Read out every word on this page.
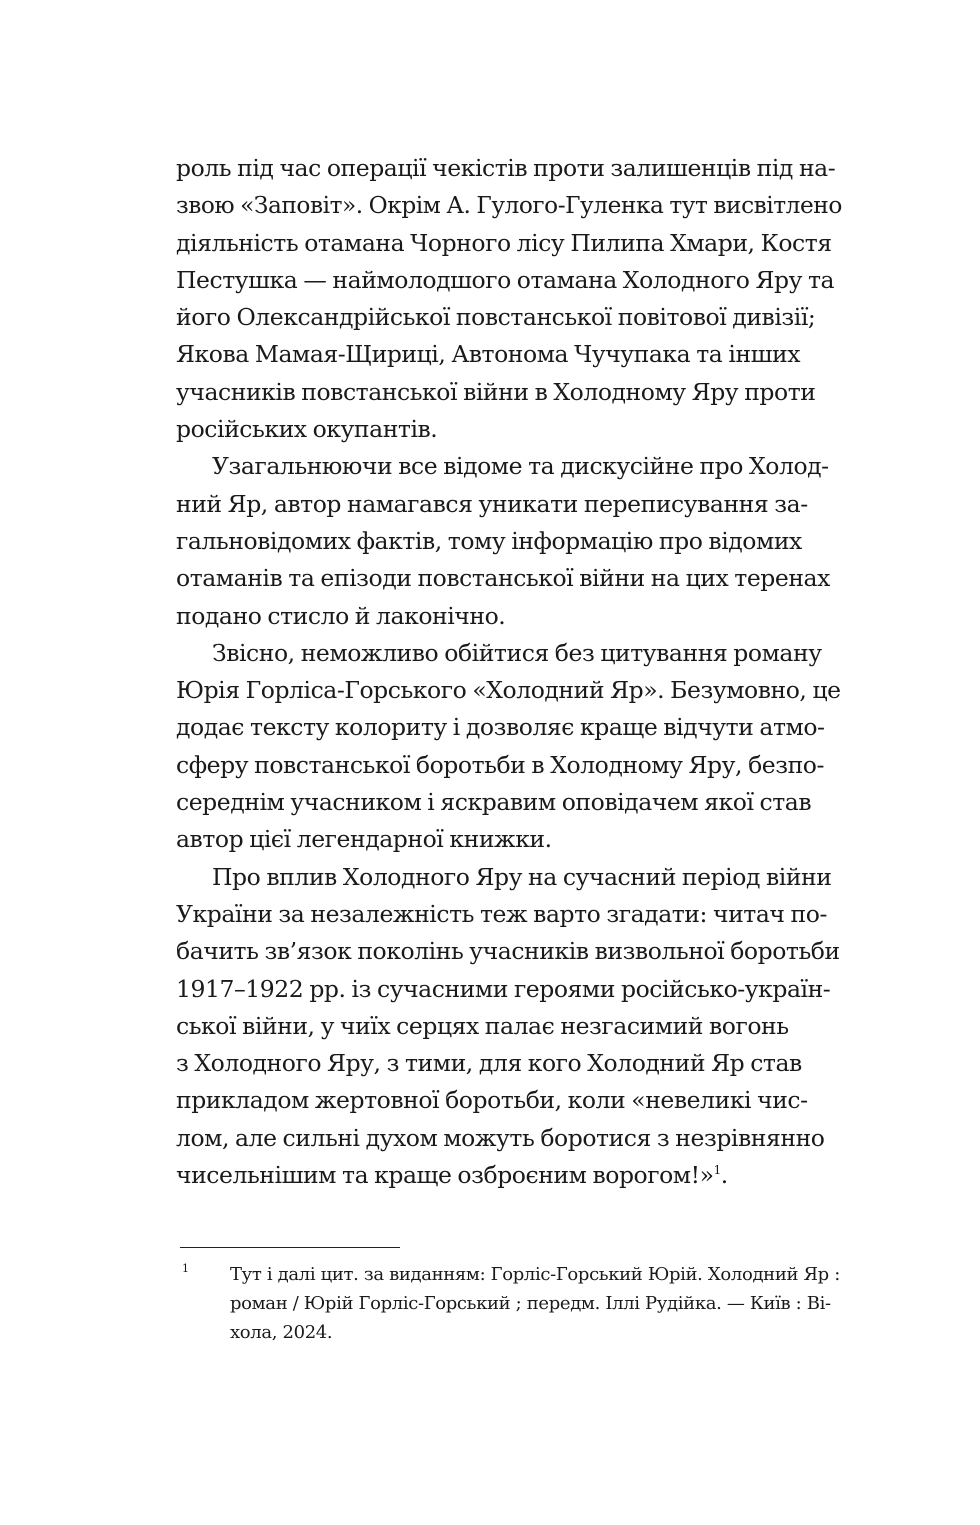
роль під час операції чекістів проти залишенців під на-
звою «Заповіт». Окрім А. Гулого-Гуленка тут висвітлено
діяльність отамана Чорного лісу Пилипа Хмари, Костя
Пестушка — наймолодшого отамана Холодного Яру та
його Олександрійської повстанської повітової дивізії;
Якова Мамая-Щириці, Автонома Чучупака та інших
учасників повстанської війни в Холодному Яру проти
російських окупантів.
Узагальнюючи все відоме та дискусійне про Холод-
ний Яр, автор намагався уникати переписування за-
гальновідомих фактів, тому інформацію про відомих
отаманів та епізоди повстанської війни на цих теренах
подано стисло й лаконічно.
Звісно, неможливо обійтися без цитування роману
Юрія Горліса-Горського «Холодний Яр». Безумовно, це
додає тексту колориту і дозволяє краще відчути атмо-
сферу повстанської боротьби в Холодному Яру, безпо-
середнім учасником і яскравим оповідачем якої став
автор цієї легендарної книжки.
Про вплив Холодного Яру на сучасний період війни
України за незалежність теж варто згадати: читач по-
бачить зв’язок поколінь учасників визвольної боротьби
1917–1922 рр. із сучасними героями російсько-україн-
ської війни, у чиїх серцях палає незгасимий вогонь
з Холодного Яру, з тими, для кого Холодний Яр став
прикладом жертовної боротьби, коли «невеликі чис-
лом, але сильні духом можуть боротися з незрівнянно
чисельнішим та краще озброєним ворогом!»$^1$.
1 Тут і далі цит. за виданням: Горліс-Горський Юрій. Холодний Яр :
роман / Юрій Горліс-Горський ; передм. Іллі Рудійка. — Київ : Ві-
хола, 2024.
